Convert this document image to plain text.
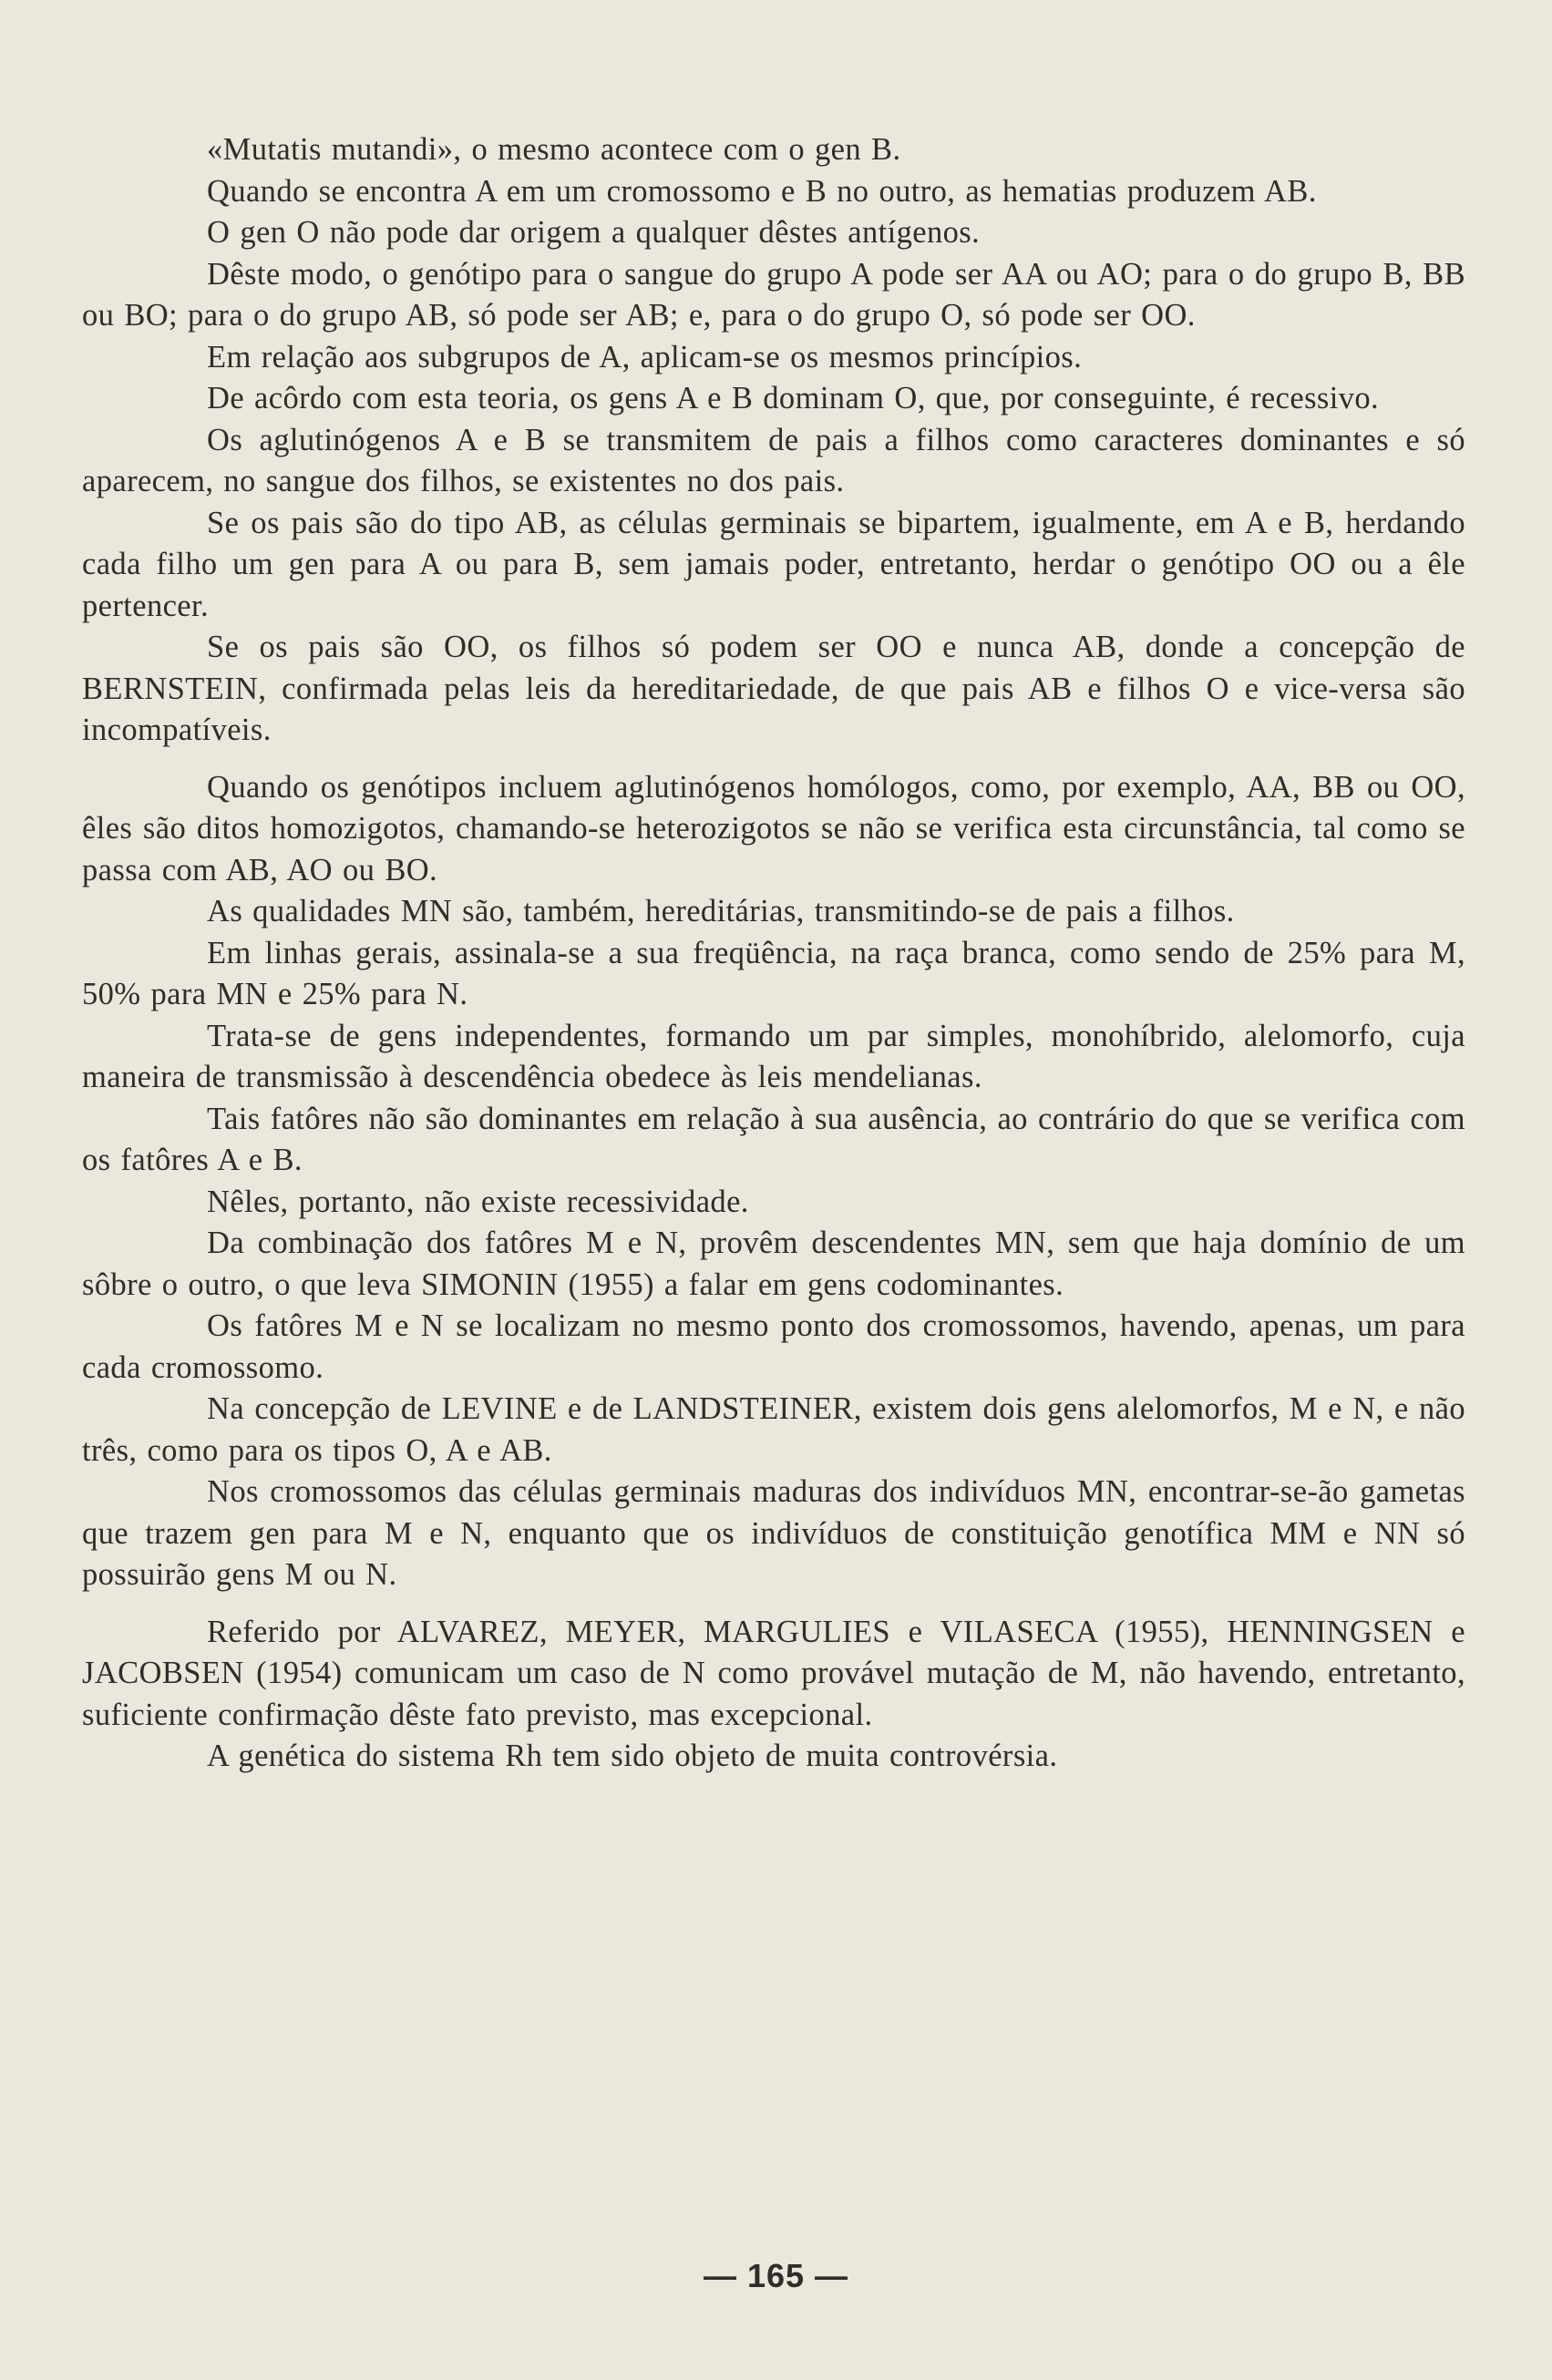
«Mutatis mutandi», o mesmo acontece com o gen B.

Quando se encontra A em um cromossomo e B no outro, as hematias produzem AB.

O gen O não pode dar origem a qualquer dêstes antígenos.

Dêste modo, o genótipo para o sangue do grupo A pode ser AA ou AO; para o do grupo B, BB ou BO; para o do grupo AB, só pode ser AB; e, para o do grupo O, só pode ser OO.

Em relação aos subgrupos de A, aplicam-se os mesmos princípios.

De acôrdo com esta teoria, os gens A e B dominam O, que, por conseguinte, é recessivo.

Os aglutinógenos A e B se transmitem de pais a filhos como caracteres dominantes e só aparecem, no sangue dos filhos, se existentes no dos pais.

Se os pais são do tipo AB, as células germinais se bipartem, igualmente, em A e B, herdando cada filho um gen para A ou para B, sem jamais poder, entretanto, herdar o genótipo OO ou a êle pertencer.

Se os pais são OO, os filhos só podem ser OO e nunca AB, donde a concepção de BERNSTEIN, confirmada pelas leis da hereditariedade, de que pais AB e filhos O e vice-versa são incompatíveis.

Quando os genótipos incluem aglutinógenos homólogos, como, por exemplo, AA, BB ou OO, êles são ditos homozigotos, chamando-se heterozigotos se não se verifica esta circunstância, tal como se passa com AB, AO ou BO.

As qualidades MN são, também, hereditárias, transmitindo-se de pais a filhos.

Em linhas gerais, assinala-se a sua freqüência, na raça branca, como sendo de 25% para M, 50% para MN e 25% para N.

Trata-se de gens independentes, formando um par simples, monohíbrido, alelomorfo, cuja maneira de transmissão à descendência obedece às leis mendelianas.

Tais fatôres não são dominantes em relação à sua ausência, ao contrário do que se verifica com os fatôres A e B.

Nêles, portanto, não existe recessividade.

Da combinação dos fatôres M e N, provêm descendentes MN, sem que haja domínio de um sôbre o outro, o que leva SIMONIN (1955) a falar em gens codominantes.

Os fatôres M e N se localizam no mesmo ponto dos cromossomos, havendo, apenas, um para cada cromossomo.

Na concepção de LEVINE e de LANDSTEINER, existem dois gens alelomorfos, M e N, e não três, como para os tipos O, A e AB.

Nos cromossomos das células germinais maduras dos indivíduos MN, encontrar-se-ão gametas que trazem gen para M e N, enquanto que os indivíduos de constituição genotífica MM e NN só possuirão gens M ou N.

Referido por ALVAREZ, MEYER, MARGULIES e VILASECA (1955), HENNINGSEN e JACOBSEN (1954) comunicam um caso de N como provável mutação de M, não havendo, entretanto, suficiente confirmação dêste fato previsto, mas excepcional.

A genética do sistema Rh tem sido objeto de muita controvérsia.

— 165 —
